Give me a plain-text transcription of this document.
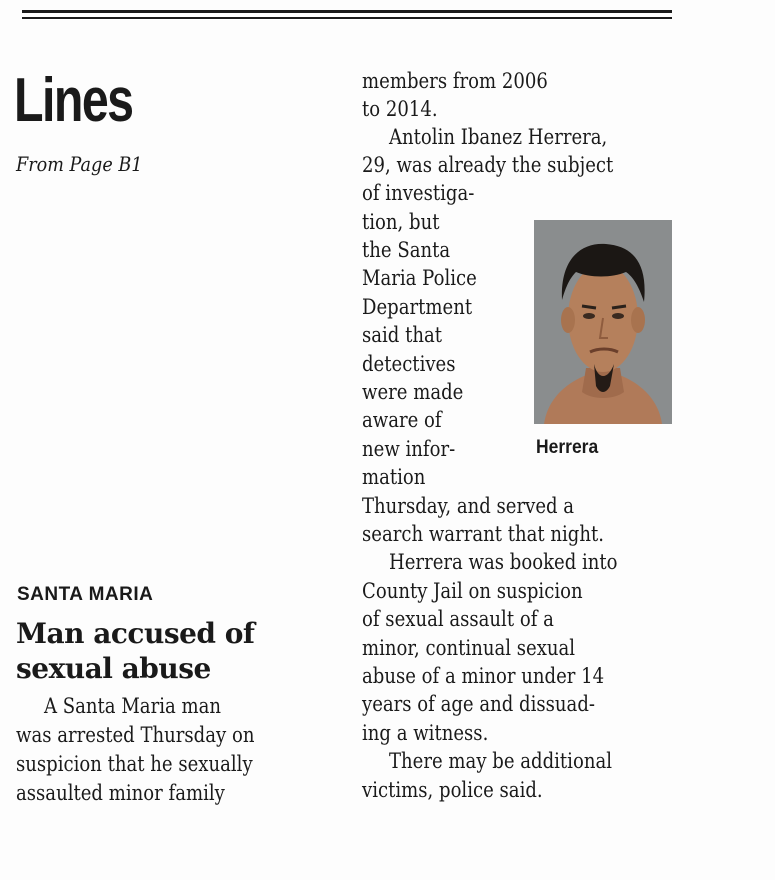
Lines
From Page B1
SANTA MARIA
Man accused of
sexual abuse
A Santa Maria man
was arrested Thursday on
suspicion that he sexually
assaulted minor family
members from 2006
to 2014.
Antolin Ibanez Herrera,
29, was already the subject
of investiga-
tion, but
the Santa
Maria Police
Department
said that
detectives
were made
aware of
new infor-
mation
Thursday, and served a
search warrant that night.
Herrera was booked into
County Jail on suspicion
of sexual assault of a
minor, continual sexual
abuse of a minor under 14
years of age and dissuad-
ing a witness.
There may be additional
victims, police said.
Herrera
